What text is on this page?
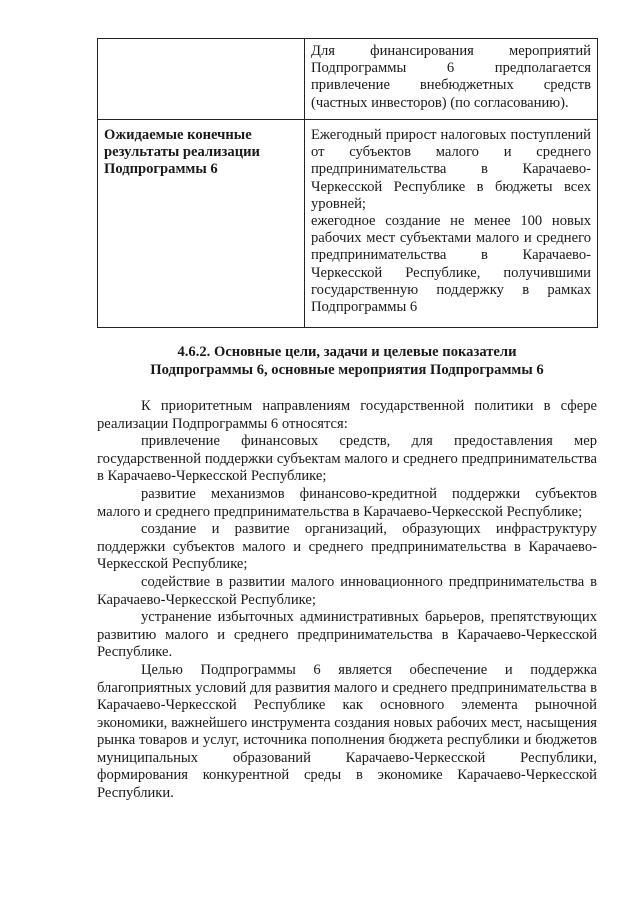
	Для финансирования мероприятий Подпрограммы 6 предполагается привлечение внебюджетных средств (частных инвесторов) (по согласованию).

Ожидаемые конечные результаты реализации Подпрограммы 6	Ежегодный прирост налоговых поступлений от субъектов малого и среднего предпринимательства в Карачаево-Черкесской Республике в бюджеты всех уровней;

ежегодное создание не менее 100 новых рабочих мест субъектами малого и среднего предпринимательства в Карачаево-Черкесской Республике, получившими государственную поддержку в рамках Подпрограммы 6

4.6.2. Основные цели, задачи и целевые показатели
Подпрограммы 6, основные мероприятия Подпрограммы 6

К приоритетным направлениям государственной политики в сфере реализации Подпрограммы 6 относятся:

привлечение финансовых средств, для предоставления мер государственной поддержки субъектам малого и среднего предпринимательства в Карачаево-Черкесской Республике;

развитие механизмов финансово-кредитной поддержки субъектов малого и среднего предпринимательства в Карачаево-Черкесской Республике;

создание и развитие организаций, образующих инфраструктуру поддержки субъектов малого и среднего предпринимательства в Карачаево-Черкесской Республике;

содействие в развитии малого инновационного предпринимательства в Карачаево-Черкесской Республике;

устранение избыточных административных барьеров, препятствующих развитию малого и среднего предпринимательства в Карачаево-Черкесской Республике.

Целью Подпрограммы 6 является обеспечение и поддержка благоприятных условий для развития малого и среднего предпринимательства в Карачаево-Черкесской Республике как основного элемента рыночной экономики, важнейшего инструмента создания новых рабочих мест, насыщения рынка товаров и услуг, источника пополнения бюджета республики и бюджетов муниципальных образований Карачаево-Черкесской Республики, формирования конкурентной среды в экономике Карачаево-Черкесской Республики.
